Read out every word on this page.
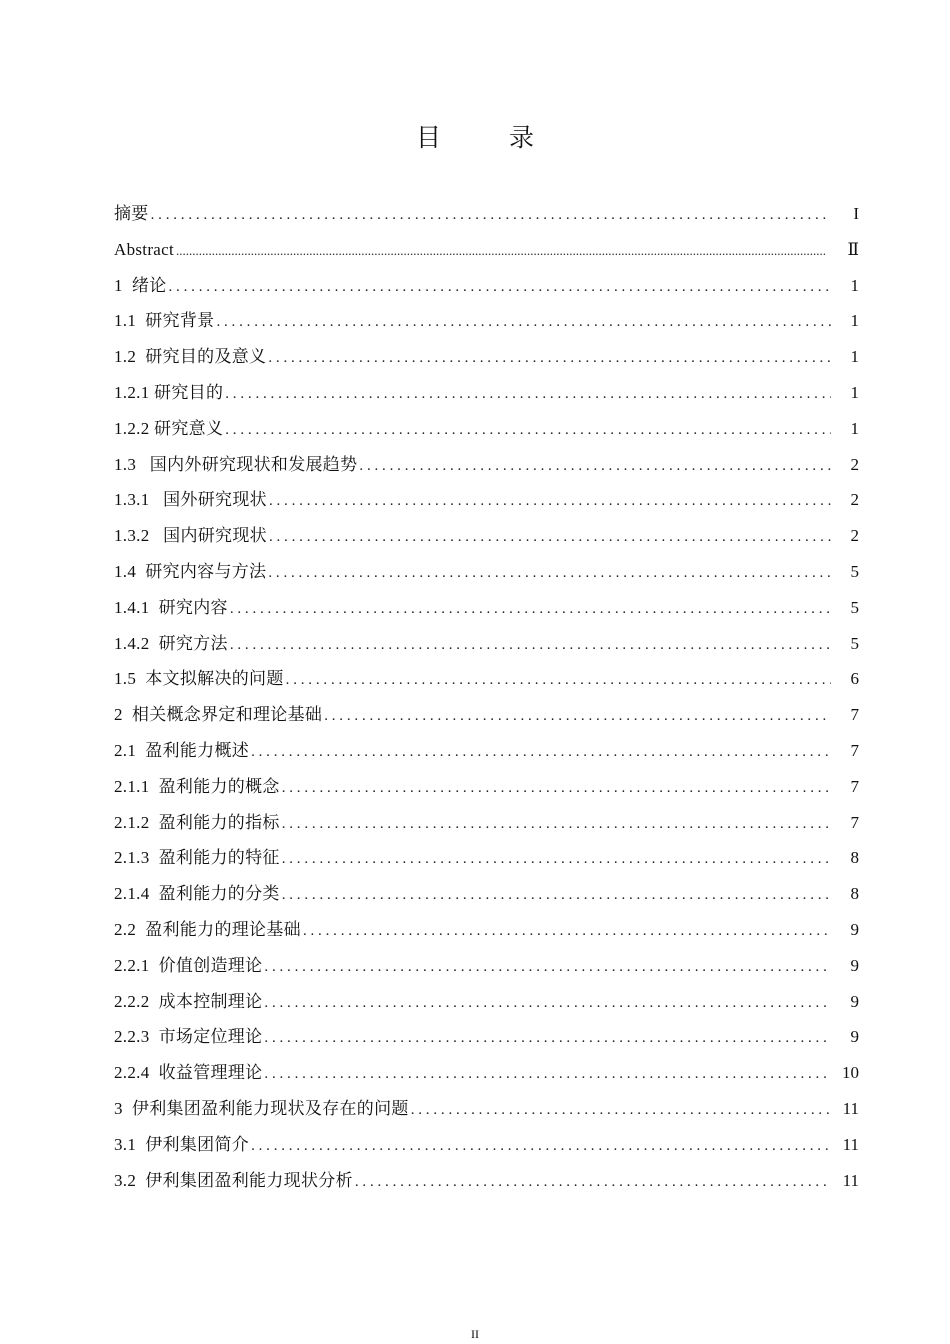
目 录
摘要 .....	I
Abstract .....	Ⅱ
1  绪论 .....	1
1.1  研究背景 .....	1
1.2  研究目的及意义 .....	1
1.2.1 研究目的 .....	1
1.2.2 研究意义 .....	1
1.3   国内外研究现状和发展趋势 .....	2
1.3.1   国外研究现状 .....	2
1.3.2   国内研究现状 .....	2
1.4  研究内容与方法 .....	5
1.4.1  研究内容 .....	5
1.4.2  研究方法 .....	5
1.5  本文拟解决的问题 .....	6
2  相关概念界定和理论基础 .....	7
2.1  盈利能力概述 .....	7
2.1.1  盈利能力的概念 .....	7
2.1.2  盈利能力的指标 .....	7
2.1.3  盈利能力的特征 .....	8
2.1.4  盈利能力的分类 .....	8
2.2  盈利能力的理论基础 .....	9
2.2.1  价值创造理论 .....	9
2.2.2  成本控制理论 .....	9
2.2.3  市场定位理论 .....	9
2.2.4  收益管理理论 .....	10
3  伊利集团盈利能力现状及存在的问题 .....	11
3.1  伊利集团简介 .....	11
3.2  伊利集团盈利能力现状分析 .....	11
II
